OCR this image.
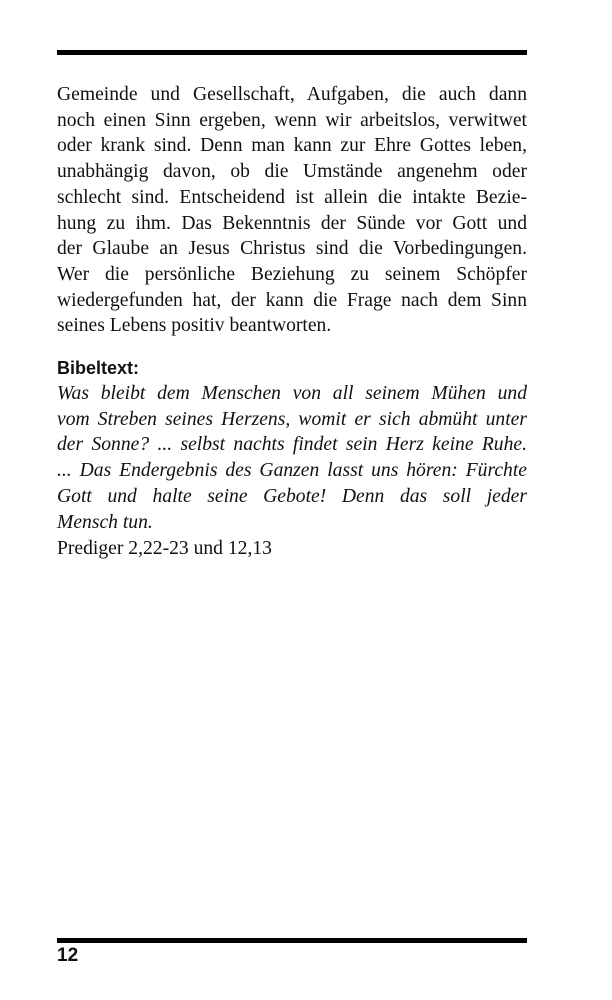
Gemeinde und Gesellschaft, Aufgaben, die auch dann
noch einen Sinn ergeben, wenn wir arbeitslos, verwitwet
oder krank sind. Denn man kann zur Ehre Gottes leben,
unabhängig davon, ob die Umstände angenehm oder
schlecht sind. Entscheidend ist allein die intakte Bezie-
hung zu ihm. Das Bekenntnis der Sünde vor Gott und
der Glaube an Jesus Christus sind die Vorbedingungen.
Wer die persönliche Beziehung zu seinem Schöpfer
wiedergefunden hat, der kann die Frage nach dem Sinn
seines Lebens positiv beantworten.
Bibeltext:
Was bleibt dem Menschen von all seinem Mühen und
vom Streben seines Herzens, womit er sich abmüht unter
der Sonne? ... selbst nachts findet sein Herz keine Ruhe.
... Das Endergebnis des Ganzen lasst uns hören: Fürchte
Gott und halte seine Gebote! Denn das soll jeder
Mensch tun.
Prediger 2,22-23 und 12,13
12
